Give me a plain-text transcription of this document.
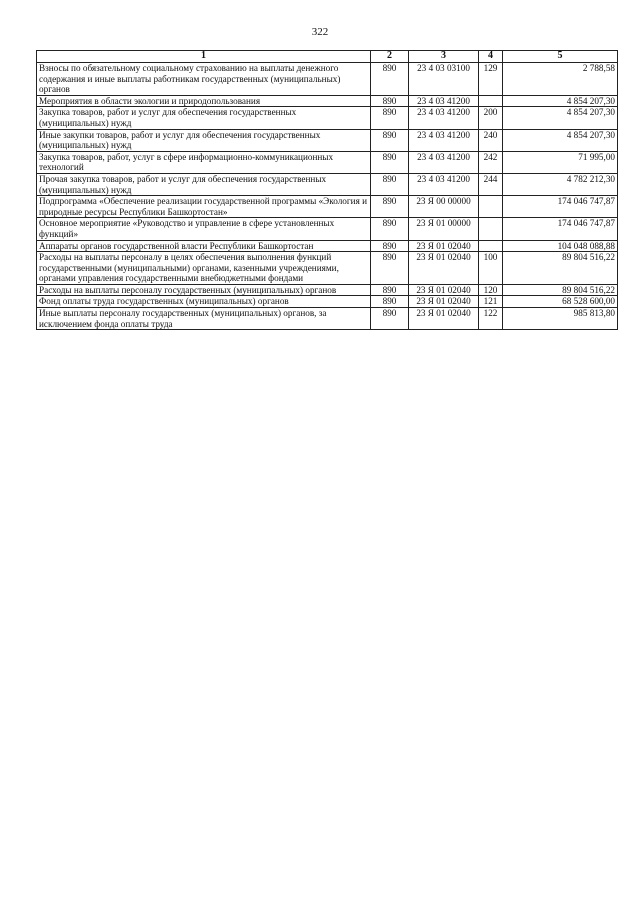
322
1	2	3	4	5
Взносы по обязательному социальному страхованию на выплаты денежного содержания и иные выплаты работникам государственных (муниципальных) органов	890	23 4 03 03100	129	2 788,58
Мероприятия в области экологии и природопользования	890	23 4 03 41200		4 854 207,30
Закупка товаров, работ и услуг для обеспечения государственных (муниципальных) нужд	890	23 4 03 41200	200	4 854 207,30
Иные закупки товаров, работ и услуг для обеспечения государственных (муниципальных) нужд	890	23 4 03 41200	240	4 854 207,30
Закупка товаров, работ, услуг в сфере информационно-коммуникационных технологий	890	23 4 03 41200	242	71 995,00
Прочая закупка товаров, работ и услуг для обеспечения государственных (муниципальных) нужд	890	23 4 03 41200	244	4 782 212,30
Подпрограмма «Обеспечение реализации государственной программы «Экология и природные ресурсы Республики Башкортостан»	890	23 Я 00 00000		174 046 747,87
Основное мероприятие «Руководство и управление в сфере установленных функций»	890	23 Я 01 00000		174 046 747,87
Аппараты органов государственной власти Республики Башкортостан	890	23 Я 01 02040		104 048 088,88
Расходы на выплаты персоналу в целях обеспечения выполнения функций государственными (муниципальными) органами, казенными учреждениями, органами управления государственными внебюджетными фондами	890	23 Я 01 02040	100	89 804 516,22
Расходы на выплаты персоналу государственных (муниципальных) органов	890	23 Я 01 02040	120	89 804 516,22
Фонд оплаты труда государственных (муниципальных) органов	890	23 Я 01 02040	121	68 528 600,00
Иные выплаты персоналу государственных (муниципальных) органов, за исключением фонда оплаты труда	890	23 Я 01 02040	122	985 813,80
